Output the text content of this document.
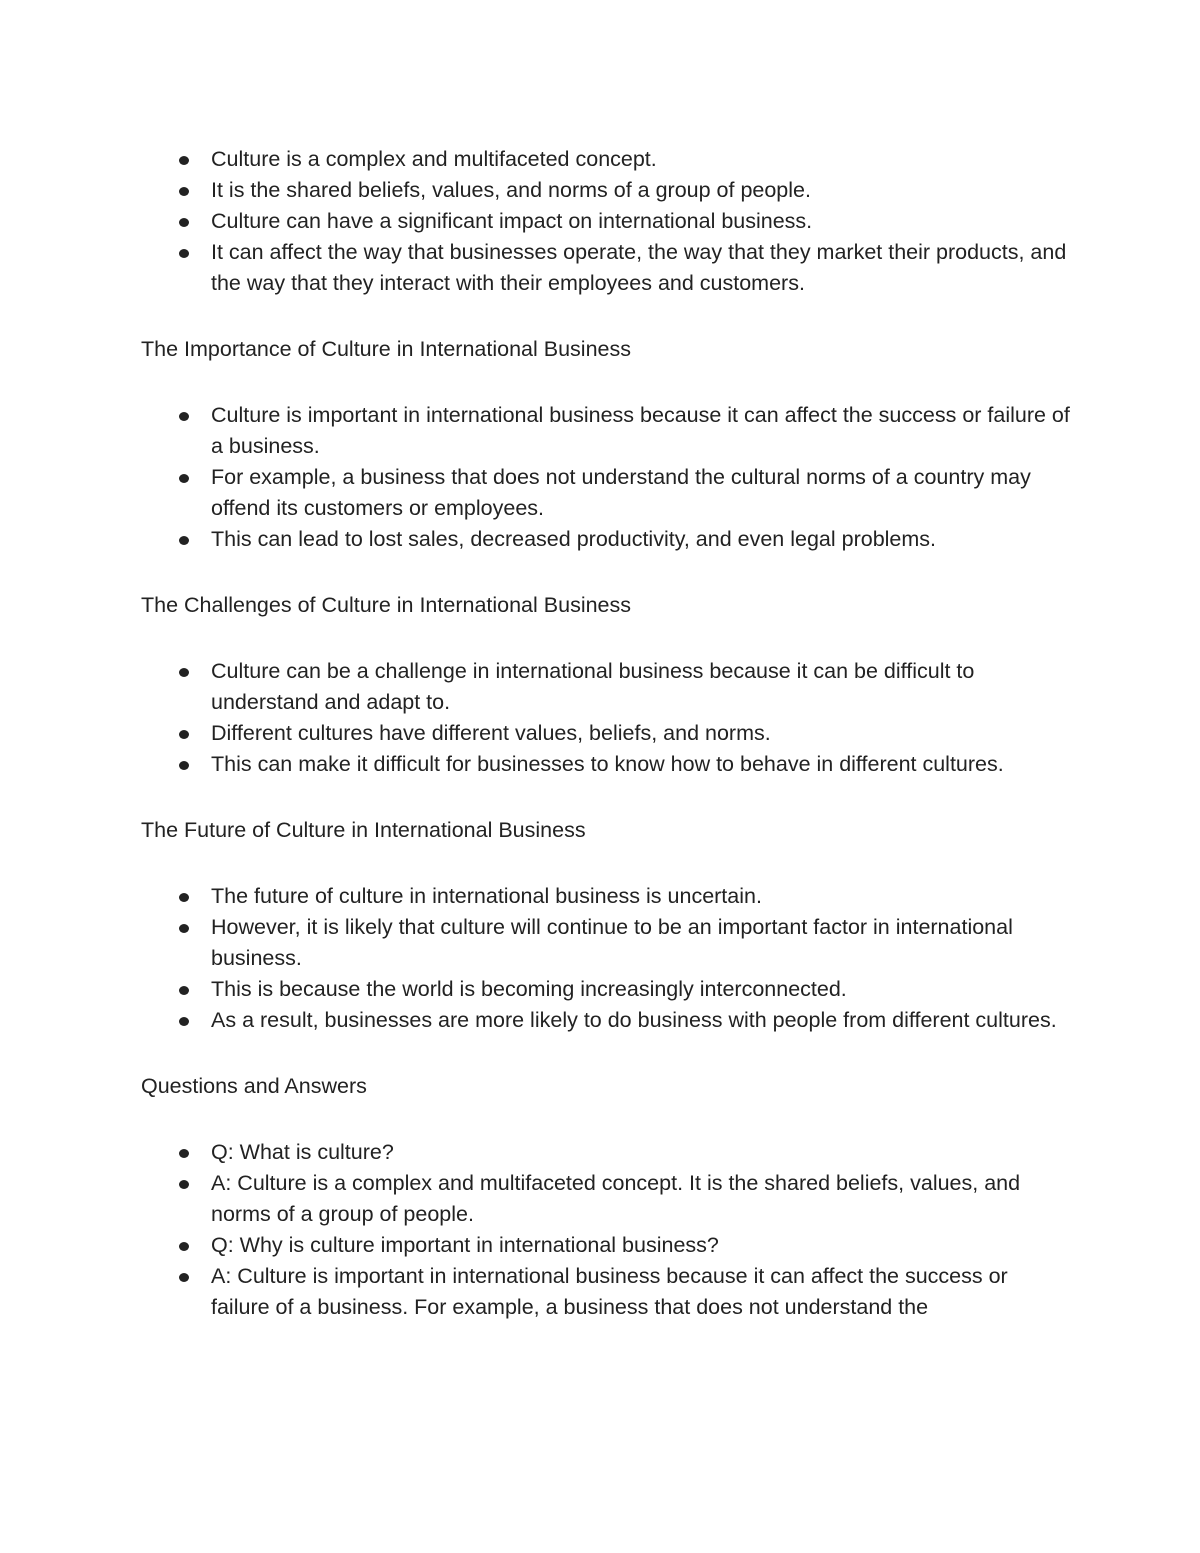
Culture is a complex and multifaceted concept.
It is the shared beliefs, values, and norms of a group of people.
Culture can have a significant impact on international business.
It can affect the way that businesses operate, the way that they market their products, and the way that they interact with their employees and customers.

The Importance of Culture in International Business

Culture is important in international business because it can affect the success or failure of a business.
For example, a business that does not understand the cultural norms of a country may offend its customers or employees.
This can lead to lost sales, decreased productivity, and even legal problems.

The Challenges of Culture in International Business

Culture can be a challenge in international business because it can be difficult to understand and adapt to.
Different cultures have different values, beliefs, and norms.
This can make it difficult for businesses to know how to behave in different cultures.

The Future of Culture in International Business

The future of culture in international business is uncertain.
However, it is likely that culture will continue to be an important factor in international business.
This is because the world is becoming increasingly interconnected.
As a result, businesses are more likely to do business with people from different cultures.

Questions and Answers

Q: What is culture?
A: Culture is a complex and multifaceted concept. It is the shared beliefs, values, and norms of a group of people.
Q: Why is culture important in international business?
A: Culture is important in international business because it can affect the success or failure of a business. For example, a business that does not understand the
